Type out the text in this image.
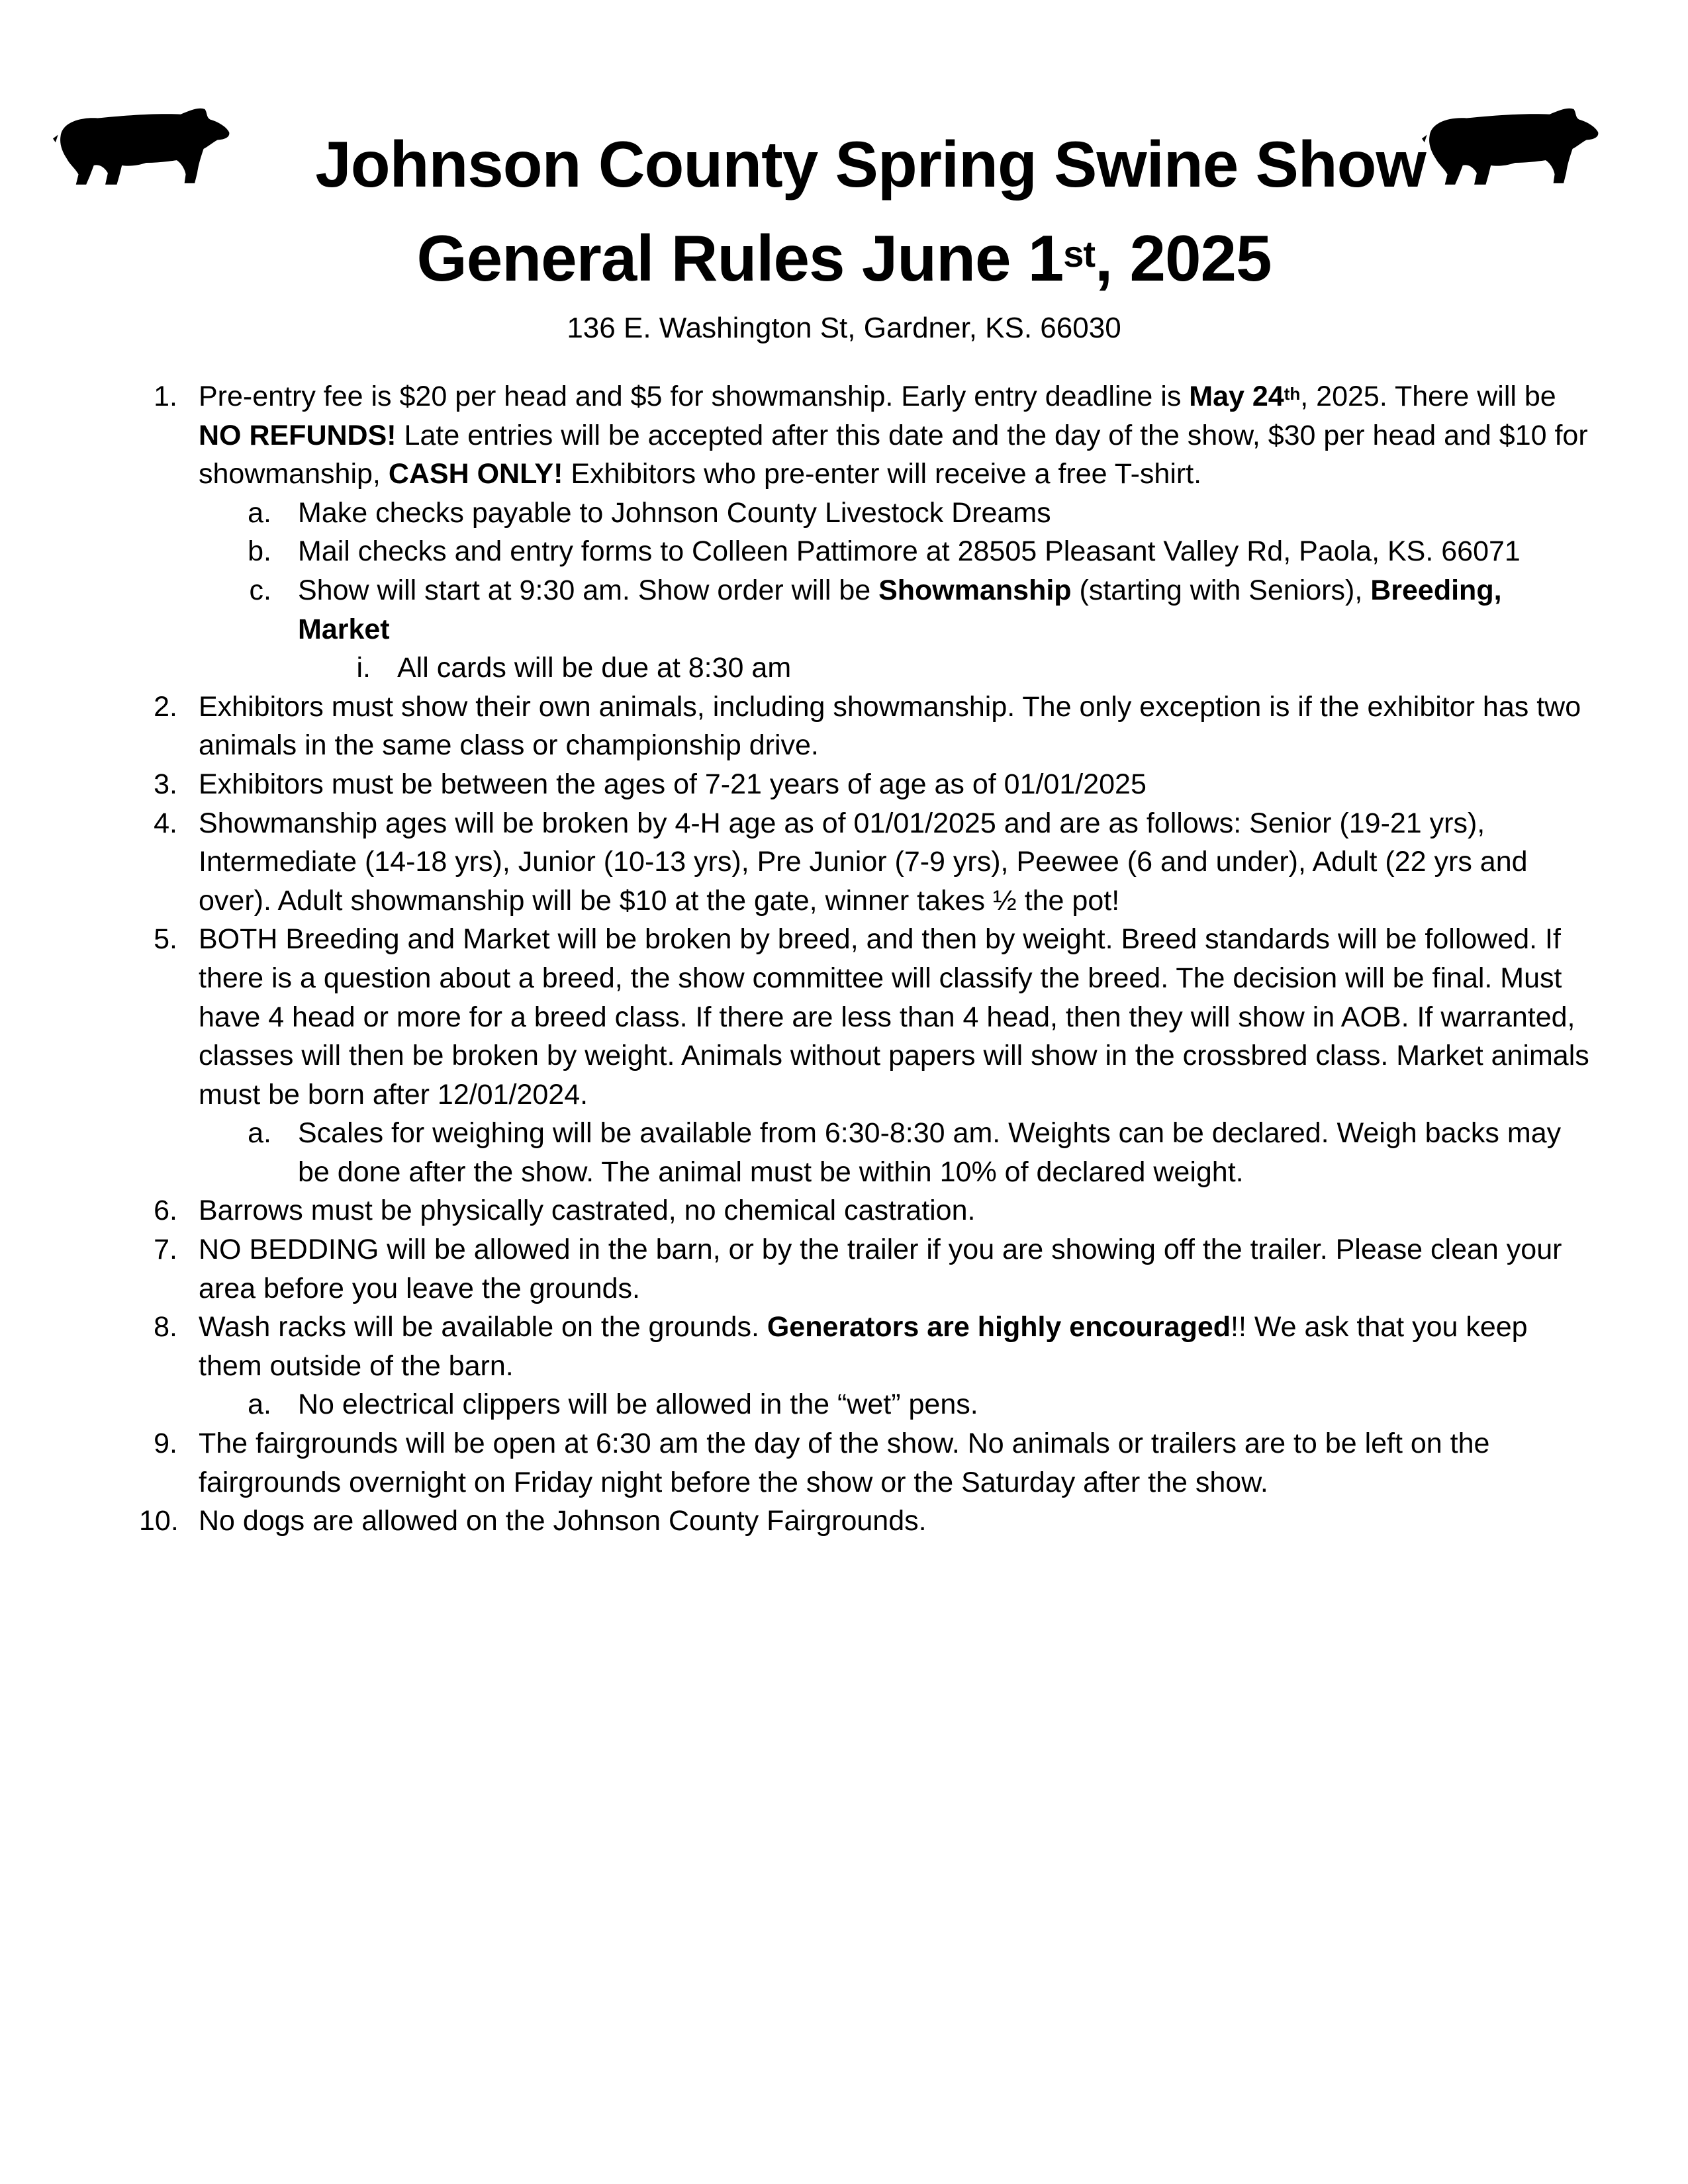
Johnson County Spring Swine Show
General Rules June 1st, 2025
136 E. Washington St, Gardner, KS. 66030
1. Pre-entry fee is $20 per head and $5 for showmanship. Early entry deadline is May 24th, 2025. There will be NO REFUNDS! Late entries will be accepted after this date and the day of the show, $30 per head and $10 for showmanship, CASH ONLY! Exhibitors who pre-enter will receive a free T-shirt.
a. Make checks payable to Johnson County Livestock Dreams
b. Mail checks and entry forms to Colleen Pattimore at 28505 Pleasant Valley Rd, Paola, KS. 66071
c. Show will start at 9:30 am. Show order will be Showmanship (starting with Seniors), Breeding, Market
i. All cards will be due at 8:30 am
2. Exhibitors must show their own animals, including showmanship. The only exception is if the exhibitor has two animals in the same class or championship drive.
3. Exhibitors must be between the ages of 7-21 years of age as of 01/01/2025
4. Showmanship ages will be broken by 4-H age as of 01/01/2025 and are as follows: Senior (19-21 yrs), Intermediate (14-18 yrs), Junior (10-13 yrs), Pre Junior (7-9 yrs), Peewee (6 and under), Adult (22 yrs and over). Adult showmanship will be $10 at the gate, winner takes ½ the pot!
5. BOTH Breeding and Market will be broken by breed, and then by weight. Breed standards will be followed. If there is a question about a breed, the show committee will classify the breed. The decision will be final. Must have 4 head or more for a breed class. If there are less than 4 head, then they will show in AOB. If warranted, classes will then be broken by weight. Animals without papers will show in the crossbred class. Market animals must be born after 12/01/2024.
a. Scales for weighing will be available from 6:30-8:30 am. Weights can be declared. Weigh backs may be done after the show. The animal must be within 10% of declared weight.
6. Barrows must be physically castrated, no chemical castration.
7. NO BEDDING will be allowed in the barn, or by the trailer if you are showing off the trailer. Please clean your area before you leave the grounds.
8. Wash racks will be available on the grounds. Generators are highly encouraged!! We ask that you keep them outside of the barn.
a. No electrical clippers will be allowed in the “wet” pens.
9. The fairgrounds will be open at 6:30 am the day of the show. No animals or trailers are to be left on the fairgrounds overnight on Friday night before the show or the Saturday after the show.
10. No dogs are allowed on the Johnson County Fairgrounds.
